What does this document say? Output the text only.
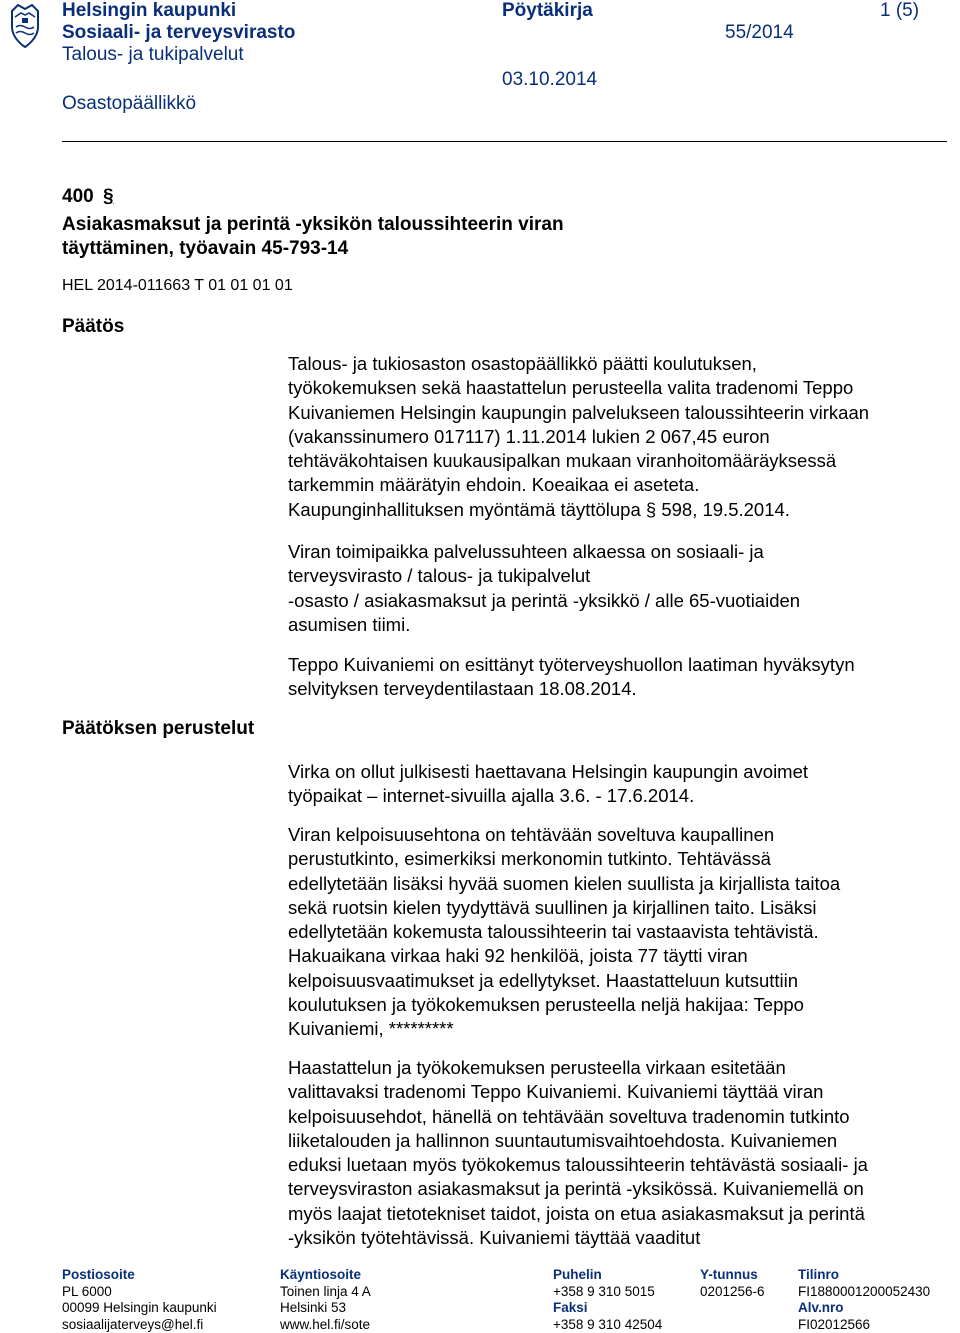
Helsingin kaupunki
Sosiaali- ja terveysvirasto
Talous- ja tukipalvelut
Osastopäällikkö
Pöytäkirja
55/2014
03.10.2014
1 (5)
400 §
Asiakasmaksut ja perintä -yksikön taloussihteerin viran
täyttäminen, työavain 45-793-14
HEL 2014-011663 T 01 01 01 01
Päätös
Päätöksen perustelut
Talous- ja tukiosaston osastopäällikkö päätti koulutuksen,
työkokemuksen sekä haastattelun perusteella valita tradenomi Teppo
Kuivaniemen Helsingin kaupungin palvelukseen taloussihteerin virkaan
(vakanssinumero 017117) 1.11.2014 lukien 2 067,45 euron
tehtäväkohtaisen kuukausipalkan mukaan viranhoitomääräyksessä
tarkemmin määrätyin ehdoin. Koeaikaa ei aseteta.
Kaupunginhallituksen myöntämä täyttölupa § 598, 19.5.2014.
Viran toimipaikka palvelussuhteen alkaessa on sosiaali- ja
terveysvirasto / talous- ja tukipalvelut
-osasto / asiakasmaksut ja perintä -yksikkö / alle 65-vuotiaiden
asumisen tiimi.
Teppo Kuivaniemi on esittänyt työterveyshuollon laatiman hyväksytyn
selvityksen terveydentilastaan 18.08.2014.
Virka on ollut julkisesti haettavana Helsingin kaupungin avoimet
työpaikat – internet-sivuilla ajalla 3.6. - 17.6.2014.
Viran kelpoisuusehtona on tehtävään soveltuva kaupallinen
perustutkinto, esimerkiksi merkonomin tutkinto. Tehtävässä
edellytetään lisäksi hyvää suomen kielen suullista ja kirjallista taitoa
sekä ruotsin kielen tyydyttävä suullinen ja kirjallinen taito. Lisäksi
edellytetään kokemusta taloussihteerin tai vastaavista tehtävistä.
Hakuaikana virkaa haki 92 henkilöä, joista 77 täytti viran
kelpoisuusvaatimukset ja edellytykset. Haastatteluun kutsuttiin
koulutuksen ja työkokemuksen perusteella neljä hakijaa: Teppo
Kuivaniemi, *********
Haastattelun ja työkokemuksen perusteella virkaan esitetään
valittavaksi tradenomi Teppo Kuivaniemi. Kuivaniemi täyttää viran
kelpoisuusehdot, hänellä on tehtävään soveltuva tradenomin tutkinto
liiketalouden ja hallinnon suuntautumisvaihtoehdosta. Kuivaniemen
eduksi luetaan myös työkokemus taloussihteerin tehtävästä sosiaali- ja
terveysviraston asiakasmaksut ja perintä -yksikössä. Kuivaniemellä on
myös laajat tietotekniset taidot, joista on etua asiakasmaksut ja perintä
-yksikön työtehtävissä. Kuivaniemi täyttää vaaditut
Postiosoite
PL 6000
00099 Helsingin kaupunki
sosiaalijaterveys@hel.fi
Käyntiosoite
Toinen linja 4 A
Helsinki 53
www.hel.fi/sote
Puhelin
+358 9 310 5015
Faksi
+358 9 310 42504
Y-tunnus
0201256-6
Tilinro
FI1880001200052430
Alv.nro
FI02012566
